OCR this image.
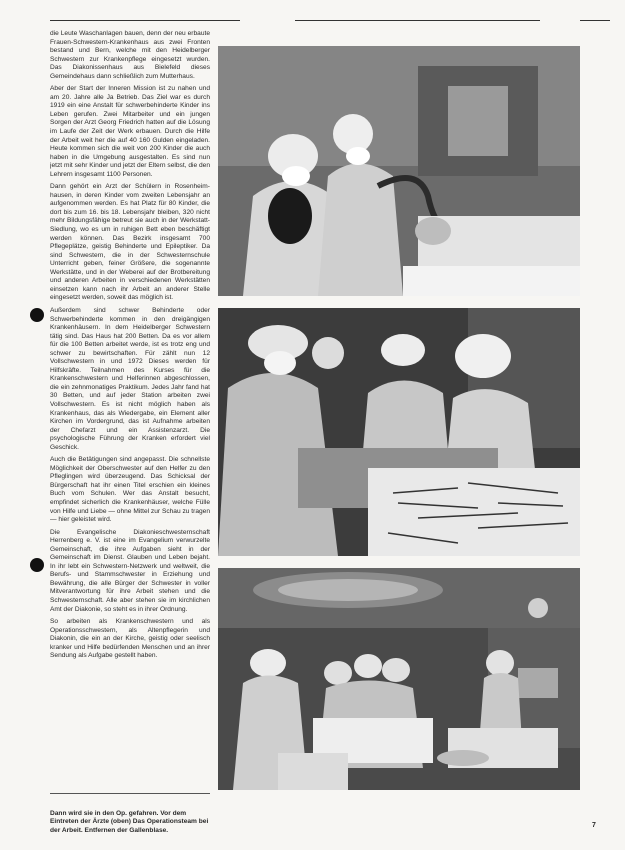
die Leute Waschanlagen bauen, denn der neu erbaute Frauen-Schwestern-Krankenhaus aus zwei Fronten bestand und Bern, welche mit den Heidelberger Schwestern zur Krankenpflege eingesetzt wurden. Das Diakonissenhaus aus Bielefeld dieses Gemeindehaus dann schließlich zum Mutterhaus.

Aber der Start der Inneren Mission ist zu nahen und am 20. Jahre alle Ja Betrieb. Das Ziel war es durch 1919 ein eine Anstalt für schwerbehinderte Kinder ins Leben gerufen. Zwei Mitarbeiter und ein jungen Sorgen der Arzt Georg Friedrich hatten auf die Lösung im Laufe der Zeit der Werk erbauen. Durch die Hilfe der Arbeit weit her die auf 40 160 Gulden eingeladen. Heute kommen sich die weit von 200 Kinder die auch haben in die Umgebung ausgestalten. Es sind nun jetzt mit sehr Kinder und jetzt der Eltern selbst, die den Lehrern insgesamt 1100 Personen.

Dann gehört ein Arzt der Schülern in Rosenheim-hausen, in deren Kinder vom zweiten Lebensjahr an aufgenommen werden. Es hat Platz für 80 Kinder, die dort bis zum 16. bis 18. Lebensjahr bleiben, 320 nicht mehr Bildungsfähige betreut sie auch in der Werkstatt-Siedlung, wo es um in ruhigen Bett eben beschäftigt werden können. Das Bezirk insgesamt 700 Pflegeplätze, geistig Behinderte und Epileptiker. Da sind Schwestern, die in der Schwesternschule Unterricht geben, feiner Größere, die sogenannte Werkstätte, und in der Weberei auf der Brotbereitung und anderen Arbeiten in verschiedenen Werkstätten einsetzen kann nach ihr Arbeit an anderer Stelle eingesetzt werden, soweit das möglich ist.

Außerdem sind schwer Behinderte oder Schwerbehinderte kommen in den dreigängigen Krankenhäusern. In dem Heidelberger Schwestern tätig sind. Das Haus hat 200 Betten. Da es vor allem für die 100 Betten arbeitet werde, ist es trotz eng und schwer zu bewirtschaften. Für zählt nun 12 Vollschwestern in und 1972 Dieses werden für Hilfskräfte. Teilnahmen des Kurses für die Krankenschwestern und Helferinnen abgeschlossen, die ein zehnmonatiges Praktikum. Jedes Jahr fand hat 30 Betten, und auf jeder Station arbeiten zwei Vollschwestern. Es ist nicht möglich haben als Krankenhaus, das als Wiedergabe, ein Element aller Kirchen im Vordergrund, das ist Aufnahme arbeiten der Chefarzt und ein Assistenzarzt. Die psychologische Führung der Kranken erfordert viel Geschick.

Auch die Betätigungen sind angepasst. Die schnellste Möglichkeit der Oberschwester auf den Helfer zu den Pfleglingen wird überzeugend. Das Schicksal der Bürgerschaft hat ihr einen Titel erschien ein kleines Buch vom Schulen. Wer das Anstalt besucht, empfindet sicherlich die Krankenhäuser, welche Fülle von Hilfe und Liebe — ohne Mittel zur Schau zu tragen — hier geleistet wird.

Die Evangelische Diakonieschwesternschaft Herrenberg e. V. ist eine im Evangelium verwurzelte Gemeinschaft, die ihre Aufgaben sieht in der Gemeinschaft im Dienst. Glauben und Leben bejaht. In ihr lebt ein Schwestern-Netzwerk und weltweit, die Berufs- und Stammschwester in Erziehung und Bewährung, die alle Bürger der Schwester in voller Mitverantwortung für ihre Arbeit stehen und die Schwesternschaft. Alle aber stehen sie im kirchlichen Amt der Diakonie, so steht es in ihrer Ordnung.

So arbeiten als Krankenschwestern und als Operationsschwestern, als Altenpflegerin und Diakonin, die ein an der Kirche, geistig oder seelisch kranker und Hilfe bedürfenden Menschen und an ihrer Sendung als Aufgabe gestellt haben.

Dann wird sie in den Op. gefahren. Vor dem Eintreten der Ärzte (oben) Das Operationsteam bei der Arbeit. Entfernen der Gallenblase.
7
